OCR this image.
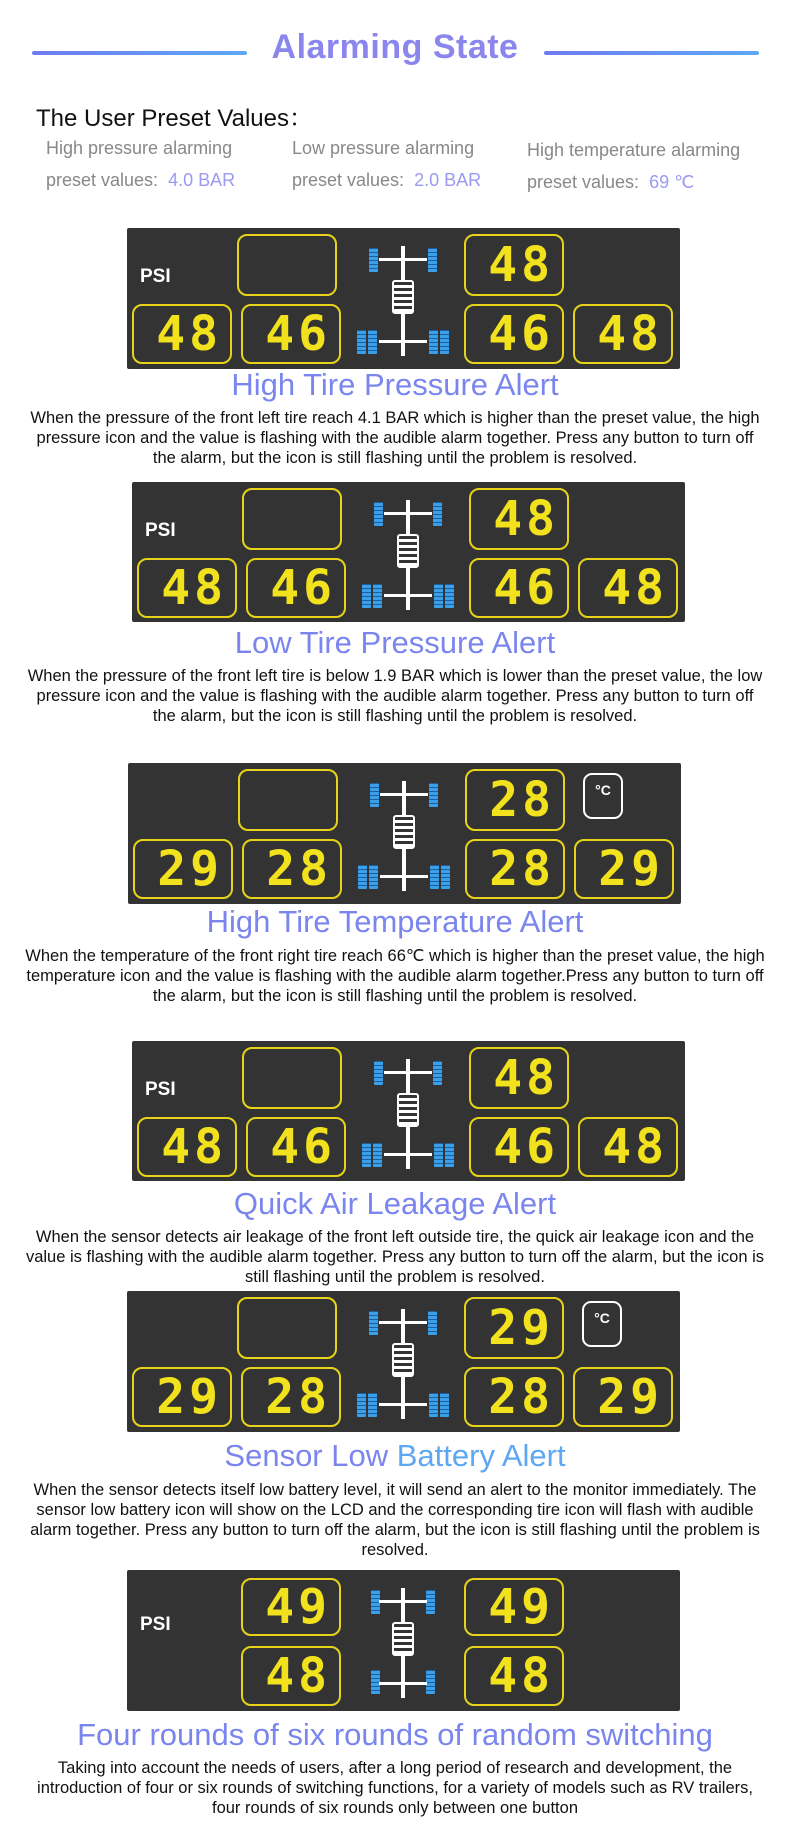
Alarming State
The User Preset Values：
High pressure alarming
preset values: 4.0 BAR
Low pressure alarming
preset values: 2.0 BAR
High temperature alarming
preset values: 69 ℃
PSI	48
48 46	46 48
High Tire Pressure Alert
When the pressure of the front left tire reach 4.1 BAR which is higher than the preset value, the high pressure icon and the value is flashing with the audible alarm together. Press any button to turn off the alarm, but the icon is still flashing until the problem is resolved.
PSI	48
48 46	46 48
Low Tire Pressure Alert
When the pressure of the front left tire is below 1.9 BAR which is lower than the preset value, the low pressure icon and the value is flashing with the audible alarm together. Press any button to turn off the alarm, but the icon is still flashing until the problem is resolved.
°C
28
29 28	28 29
High Tire Temperature Alert
When the temperature of the front right tire reach 66℃ which is higher than the preset value, the high temperature icon and the value is flashing with the audible alarm together.Press any button to turn off the alarm, but the icon is still flashing until the problem is resolved.
PSI	48
48 46	46 48
Quick Air Leakage Alert
When the sensor detects air leakage of the front left outside tire, the quick air leakage icon and the value is flashing with the audible alarm together. Press any button to turn off the alarm, but the icon is still flashing until the problem is resolved.
°C
29
29 28	28 29
Sensor Low Battery Alert
When the sensor detects itself low battery level, it will send an alert to the monitor immediately. The sensor low battery icon will show on the LCD and the corresponding tire icon will flash with audible alarm together. Press any button to turn off the alarm, but the icon is still flashing until the problem is resolved.
PSI 49	49
48	48
Four rounds of six rounds of random switching
Taking into account the needs of users, after a long period of research and development, the introduction of four or six rounds of switching functions, for a variety of models such as RV trailers, four rounds of six rounds only between one button
